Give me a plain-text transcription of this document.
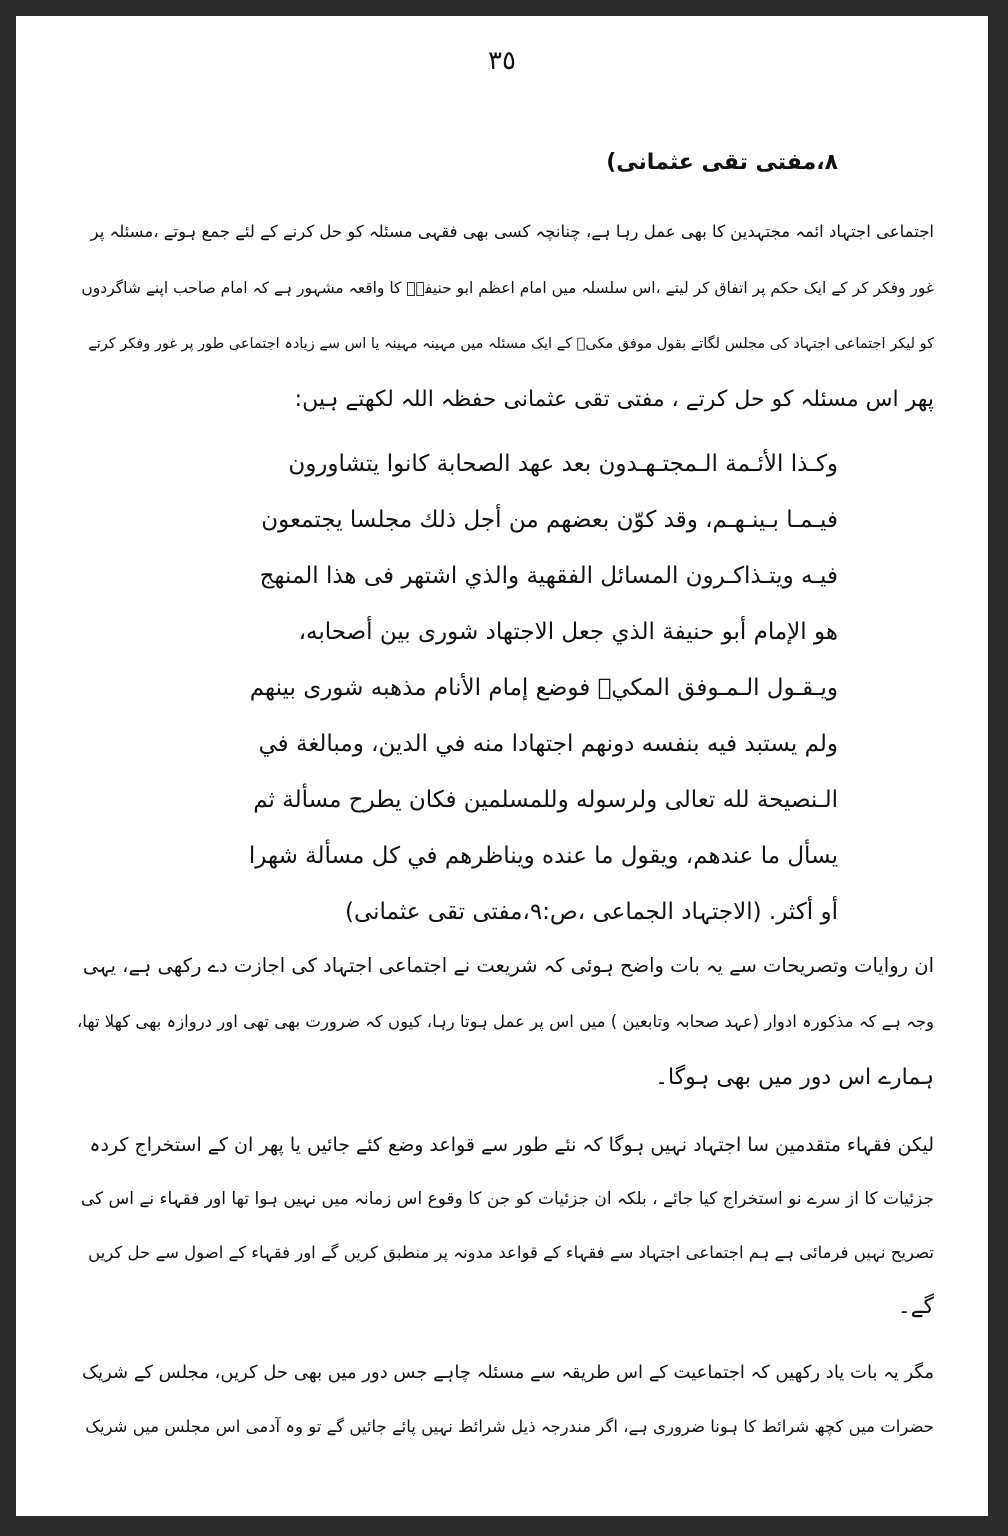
٣٥
۸،مفتی تقی عثمانی)
اجتماعی اجتہاد ائمہ مجتہدین کا بھی عمل رہا ہے، چنانچہ کسی بھی فقہی مسئلہ کو حل کرنے کے لئے جمع ہوتے ،مسئلہ پر
غور وفکر کر کے ایک حکم پر اتفاق کر لیتے ،اس سلسلہ میں امام اعظم ابو حنیفہؒ کا واقعہ مشہور ہے کہ امام صاحب اپنے شاگردوں
کو لیکر اجتماعی اجتہاد کی مجلس لگاتے بقول موفق مکیؒ کے ایک مسئلہ میں مہینہ مہینہ یا اس سے زیادہ اجتماعی طور پر غور وفکر کرتے
پھر اس مسئلہ کو حل کرتے ، مفتی تقی عثمانی حفظہ اللہ لکھتے ہیں:
وكـذا الأئـمة الـمجتـهـدون بعد عهد الصحابة كانوا يتشاورون
فيـمـا بـينـهـم، وقد كوّن بعضهم من أجل ذلك مجلسا يجتمعون
فيـه ويتـذاكـرون المسائل الفقهية والذي اشتهر فى هذا المنهج
هو الإمام أبو حنيفة الذي جعل الاجتهاد شورى بين أصحابه،
ويـقـول الـمـوفق المكيؒ فوضع إمام الأنام مذهبه شورى بينهم
ولم يستبد فيه بنفسه دونهم اجتهادا منه في الدين، ومبالغة في
الـنصيحة لله تعالى ولرسوله وللمسلمين فكان يطرح مسألة ثم
يسأل ما عندهم، ويقول ما عنده ويناظرهم في كل مسألة شهرا
أو أكثر. (الاجتہاد الجماعی ،ص:۹،مفتی تقی عثمانی)
ان روایات وتصریحات سے یہ بات واضح ہوئی کہ شریعت نے اجتماعی اجتہاد کی اجازت دے رکھی ہے، یہی
وجہ ہے کہ مذکورہ ادوار (عہد صحابہ وتابعین ) میں اس پر عمل ہوتا رہا، کیوں کہ ضرورت بھی تھی اور دروازہ بھی کھلا تھا،
ہمارے اس دور میں بھی ہوگا۔
لیکن فقہاء متقدمین سا اجتہاد نہیں ہوگا کہ نئے طور سے قواعد وضع کئے جائیں یا پھر ان کے استخراج کردہ
جزئیات کا از سرے نو استخراج کیا جائے ، بلکہ ان جزئیات کو جن کا وقوع اس زمانہ میں نہیں ہوا تھا اور فقہاء نے اس کی
تصریح نہیں فرمائی ہے ہم اجتماعی اجتہاد سے فقہاء کے قواعد مدونہ پر منطبق کریں گے اور فقہاء کے اصول سے حل کریں
گے۔
مگر یہ بات یاد رکھیں کہ اجتماعیت کے اس طریقہ سے مسئلہ چاہے جس دور میں بھی حل کریں، مجلس کے شریک
حضرات میں کچھ شرائط کا ہونا ضروری ہے، اگر مندرجہ ذیل شرائط نہیں پائے جائیں گے تو وہ آدمی اس مجلس میں شریک
